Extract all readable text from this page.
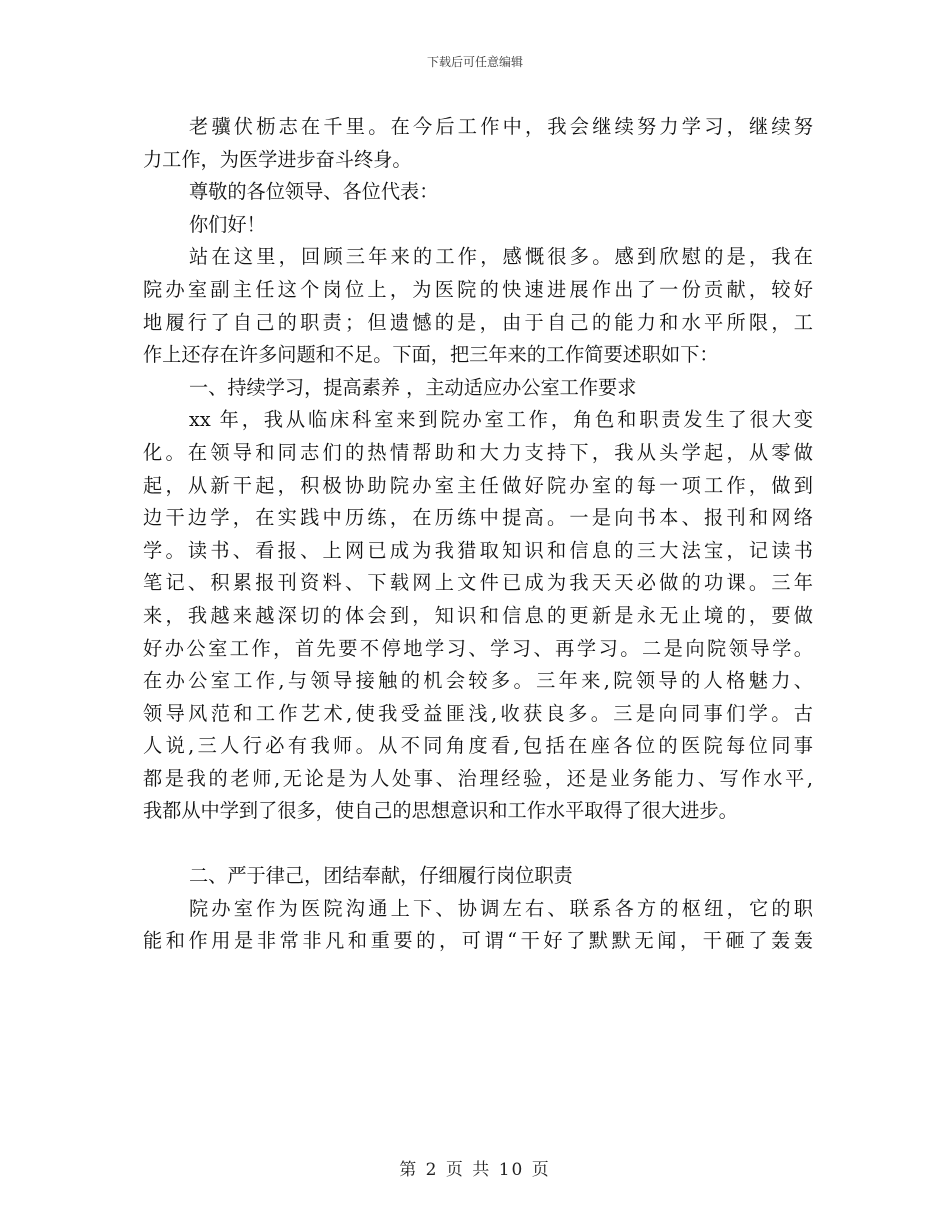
下载后可任意编辑
老骥伏枥志在千里。在今后工作中，我会继续努力学习，继续努
力工作，为医学进步奋斗终身。
尊敬的各位领导、各位代表：
你们好！
站在这里，回顾三年来的工作，感慨很多。感到欣慰的是，我在
院办室副主任这个岗位上，为医院的快速进展作出了一份贡献，较好
地履行了自己的职责；但遗憾的是，由于自己的能力和水平所限，工
作上还存在许多问题和不足。下面，把三年来的工作简要述职如下：
一、持续学习，提高素养 ，主动适应办公室工作要求
xx 年，我从临床科室来到院办室工作，角色和职责发生了很大变
化。在领导和同志们的热情帮助和大力支持下，我从头学起，从零做
起，从新干起，积极协助院办室主任做好院办室的每一项工作，做到
边干边学，在实践中历练，在历练中提高。一是向书本、报刊和网络
学。读书、看报、上网已成为我猎取知识和信息的三大法宝，记读书
笔记、积累报刊资料、下载网上文件已成为我天天必做的功课。三年
来，我越来越深切的体会到，知识和信息的更新是永无止境的，要做
好办公室工作，首先要不停地学习、学习、再学习。二是向院领导学。
在办公室工作,与领导接触的机会较多。三年来,院领导的人格魅力、
领导风范和工作艺术,使我受益匪浅,收获良多。三是向同事们学。古
人说,三人行必有我师。从不同角度看,包括在座各位的医院每位同事
都是我的老师,无论是为人处事、治理经验，还是业务能力、写作水平,
我都从中学到了很多，使自己的思想意识和工作水平取得了很大进步。
二、严于律己，团结奉献，仔细履行岗位职责
院办室作为医院沟通上下、协调左右、联系各方的枢纽，它的职
能和作用是非常非凡和重要的，可谓“干好了默默无闻，干砸了轰轰
第 2 页 共 10 页
